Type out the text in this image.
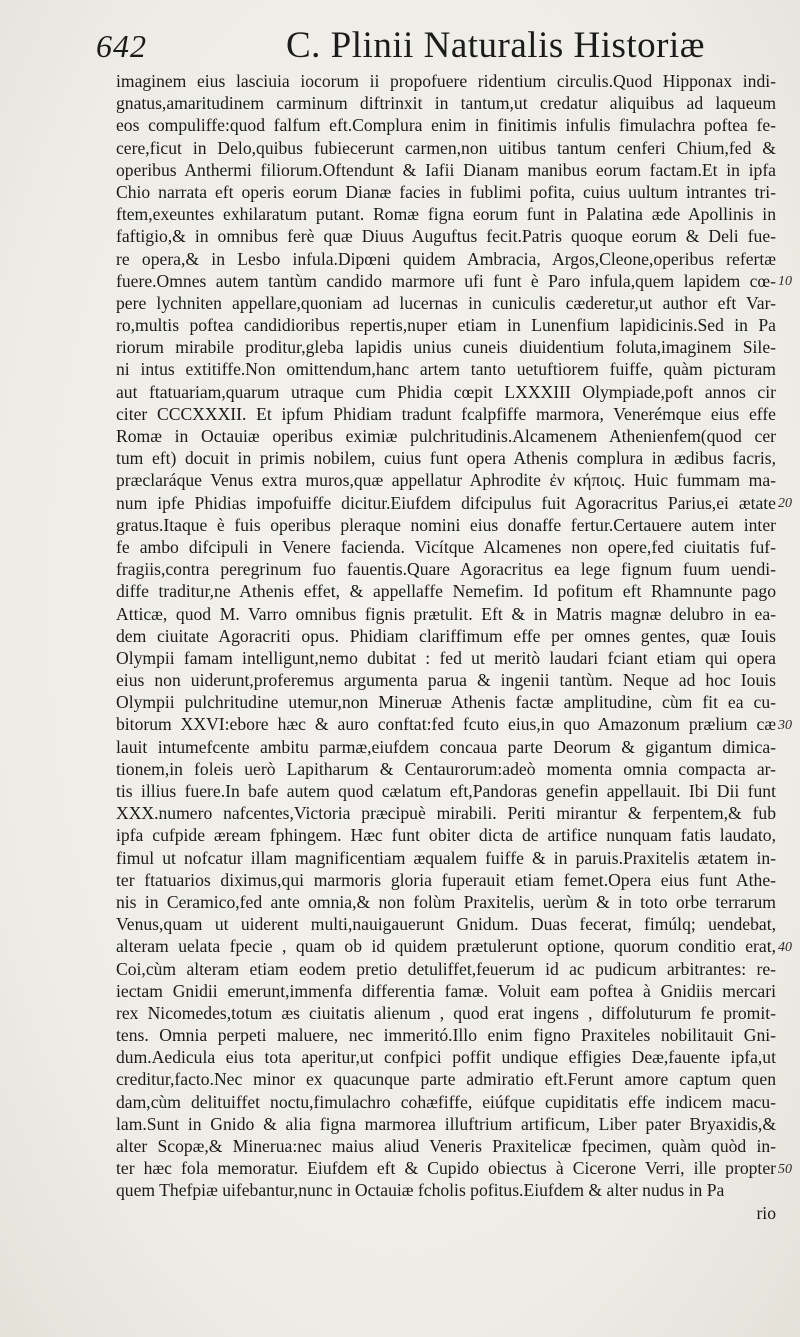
642	C. Plinii Naturalis Historiæ
imaginem eius lasciuia iocorum ii propofuere ridentium circulis.Quod Hipponax indi-
gnatus,amaritudinem carminum diftrinxit in tantum,ut credatur aliquibus ad laqueum
eos compuliffe:quod falfum eft.Complura enim in finitimis infulis fimulachra poftea fe-
cere,ficut in Delo,quibus fubiecerunt carmen,non uitibus tantum cenferi Chium,fed &
operibus Anthermi filiorum.Oftendunt & Iafii Dianam manibus eorum factam.Et in ipfa
Chio narrata eft operis eorum Dianæ facies in fublimi pofita, cuius uultum intrantes tri-
ftem,exeuntes exhilaratum putant. Romæ figna eorum funt in Palatina æde Apollinis in
faftigio,& in omnibus ferè quæ Diuus Auguftus fecit.Patris quoque eorum & Deli fue-
re opera,& in Lesbo infula.Dipœni quidem Ambracia, Argos,Cleone,operibus refertæ
fuere.Omnes autem tantùm candido marmore ufi funt è Paro infula,quem lapidem cœ-
pere lychniten appellare,quoniam ad lucernas in cuniculis cæderetur,ut author eft Var-
ro,multis poftea candidioribus repertis,nuper etiam in Lunenfium lapidicinis.Sed in Pa
riorum mirabile proditur,gleba lapidis unius cuneis diuidentium foluta,imaginem Sile-
ni intus extitiffe.Non omittendum,hanc artem tanto uetuftiorem fuiffe, quàm picturam
aut ftatuariam,quarum utraque cum Phidia cœpit LXXXIII Olympiade,poft annos cir
citer CCCXXXII. Et ipfum Phidiam tradunt fcalpfiffe marmora, Venerémque eius effe
Romæ in Octauiæ operibus eximiæ pulchritudinis.Alcamenem Athenienfem(quod cer
tum eft) docuit in primis nobilem, cuius funt opera Athenis complura in ædibus facris,
præclaráque Venus extra muros,quæ appellatur Aphrodite ἐν κήποις. Huic fummam ma-
num ipfe Phidias impofuiffe dicitur.Eiufdem difcipulus fuit Agoracritus Parius,ei ætate
gratus.Itaque è fuis operibus pleraque nomini eius donaffe fertur.Certauere autem inter
fe ambo difcipuli in Venere facienda. Vicítque Alcamenes non opere,fed ciuitatis fuf-
fragiis,contra peregrinum fuo fauentis.Quare Agoracritus ea lege fignum fuum uendi-
diffe traditur,ne Athenis effet, & appellaffe Nemefim. Id pofitum eft Rhamnunte pago
Atticæ, quod M. Varro omnibus fignis prætulit. Eft & in Matris magnæ delubro in ea-
dem ciuitate Agoracriti opus. Phidiam clariffimum effe per omnes gentes, quæ Iouis
Olympii famam intelligunt,nemo dubitat : fed ut meritò laudari fciant etiam qui opera
eius non uiderunt,proferemus argumenta parua & ingenii tantùm. Neque ad hoc Iouis
Olympii pulchritudine utemur,non Mineruæ Athenis factæ amplitudine, cùm fit ea cu-
bitorum XXVI:ebore hæc & auro conftat:fed fcuto eius,in quo Amazonum prælium cæ
lauit intumefcente ambitu parmæ,eiufdem concaua parte Deorum & gigantum dimica-
tionem,in foleis uerò Lapitharum & Centaurorum:adeò momenta omnia compacta ar-
tis illius fuere.In bafe autem quod cælatum eft,Pandoras genefin appellauit. Ibi Dii funt
XXX.numero nafcentes,Victoria præcipuè mirabili. Periti mirantur & ferpentem,& fub
ipfa cufpide æream fphingem. Hæc funt obiter dicta de artifice nunquam fatis laudato,
fimul ut nofcatur illam magnificentiam æqualem fuiffe & in paruis.Praxitelis ætatem in-
ter ftatuarios diximus,qui marmoris gloria fuperauit etiam femet.Opera eius funt Athe-
nis in Ceramico,fed ante omnia,& non folùm Praxitelis, uerùm & in toto orbe terrarum
Venus,quam ut uiderent multi,nauigauerunt Gnidum. Duas fecerat, fimúlq; uendebat,
alteram uelata fpecie , quam ob id quidem prætulerunt optione, quorum conditio erat,
Coi,cùm alteram etiam eodem pretio detuliffet,feuerum id ac pudicum arbitrantes: re-
iectam Gnidii emerunt,immenfa differentia famæ. Voluit eam poftea à Gnidiis mercari
rex Nicomedes,totum æs ciuitatis alienum , quod erat ingens , diffoluturum fe promit-
tens. Omnia perpeti maluere, nec immeritó.Illo enim figno Praxiteles nobilitauit Gni-
dum.Aedicula eius tota aperitur,ut confpici poffit undique effigies Deæ,fauente ipfa,ut
creditur,facto.Nec minor ex quacunque parte admiratio eft.Ferunt amore captum quen
dam,cùm delituiffet noctu,fimulachro cohæfiffe, eiúfque cupiditatis effe indicem macu-
lam.Sunt in Gnido & alia figna marmorea illuftrium artificum, Liber pater Bryaxidis,&
alter Scopæ,& Minerua:nec maius aliud Veneris Praxitelicæ fpecimen, quàm quòd in-
ter hæc fola memoratur. Eiufdem eft & Cupido obiectus à Cicerone Verri, ille propter
quem Thefpiæ uifebantur,nunc in Octauiæ fcholis pofitus.Eiufdem & alter nudus in Pa
rio
10
20
30
40
50
